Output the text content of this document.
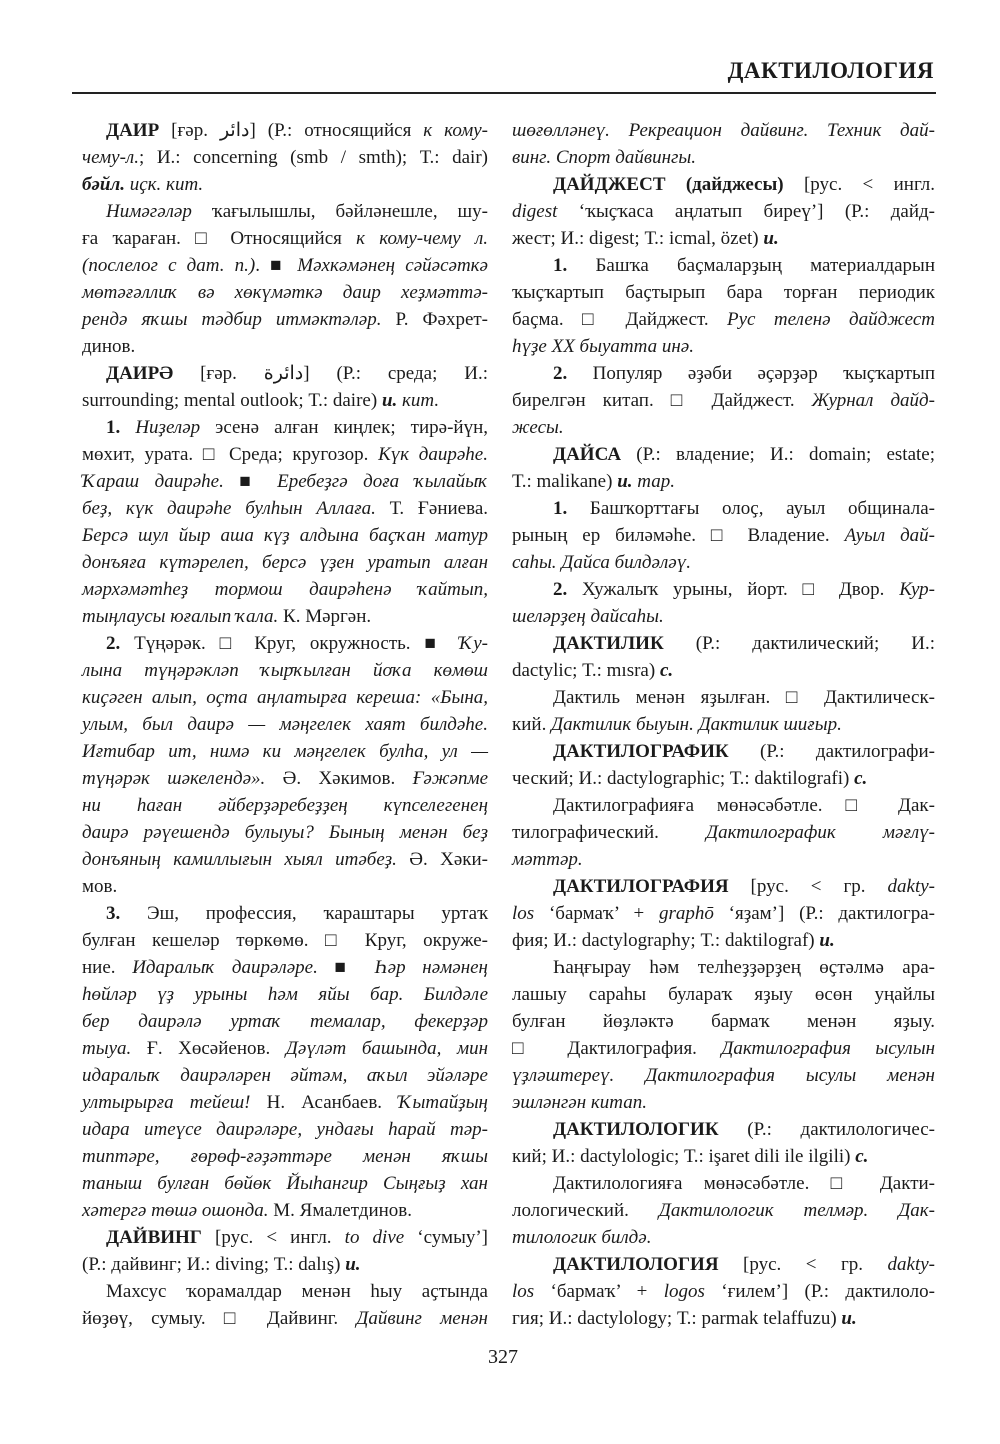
ДАКТИЛОЛОГИЯ
ДАИР [ғәр. دائر] (Р.: относящийся к кому-
чему-л.; И.: concerning (smb / smth); Т.: dair)
бәйл. иҫк. кит.
Нимәгәләр ҡағылышлы, бәйләнешле, шу-
ға ҡараған. □ Относящийся к кому-чему л.
(послелог с дат. п.). ■ Мәхкәмәнең сәйәсәткә
мөтәғәллиҡ вә хөкүмәткә даир хеҙмәттә-
рендә яҡшы тәдбир итмәктәләр. Р. Фәхрет-
динов.
ДАИРӘ [ғәр. دائرة] (Р.: среда; И.:
surrounding; mental outlook; Т.: daire) и. кит.
1. Ниҙеләр эсенә алған киңлек; тирә-йүн,
мөхит, урата. □ Среда; кругозор. Күк даирәһе.
Ҡараш даирәһе. ■ Еребеҙгә доға ҡылайыҡ
беҙ, күк даирәһе булһын Аллаға. Т. Ғәниева.
Берсә шул йыр аша күҙ алдына баҫҡан матур
донъяға күтәрелеп, берсә үҙен уратып алған
мәрхәмәтһеҙ тормош даирәһенә ҡайтып,
тыңлаусы юғалып ҡала. К. Мәргән.
2. Түңәрәк. □ Круг, окружность. ■ Ҡу-
лына түңәрәкләп ҡырҡылған йоҡа көмөш
киҫәген алып, оҫта аңлатырға кереша: «Бына,
улым, был даирә — мәңгелек хаят билдәһе.
Иғтибар ит, нимә ки мәңгелек булһа, ул —
түңәрәк шәкелендә». Ә. Хәкимов. Ғәжәпме
ни һаған әйберҙәребеҙҙең күпселегенең
даирә рәүешендә булыуы? Бының менән беҙ
донъяның камиллығын хыял итәбеҙ. Ә. Хәки-
мов.
3. Эш, профессия, ҡараштары уртаҡ
булған кешеләр төркөмө. □ Круг, окруже-
ние. Идаралыҡ даирәләре. ■ Һәр нәмәнең
һөйләр үҙ урыны һәм яйы бар. Билдәле
бер даирәлә уртаҡ темалар, фекерҙәр
тыуа. Ғ. Хөсәйенов. Дәүләт башында, мин
идаралыҡ даирәләрен әйтәм, аҡыл эйәләре
ултырырға тейеш! Н. Асанбаев. Ҡытайҙың
идара итеүсе даирәләре, ундағы һарай тәр-
типтәре, ғөрөф-ғәҙәттәре менән яҡшы
таныш булған бөйөк Йыһангир Сыңғыҙ хан
хәтергә төшә ошонда. М. Ямалетдинов.
ДАЙВИНГ [рус. < ингл. to dive ‘сумыу’]
(Р.: дайвинг; И.: diving; Т.: dalış) и.
Махсус ҡорамалдар менән һыу аҫтында
йөҙөү, сумыу. □ Дайвинг. Дайвинг менән
шөғөлләнеү. Рекреацион дайвинг. Техник дай-
винг. Спорт дайвингы.
ДАЙДЖЕСТ (дайджесы) [рус. < ингл.
digest ‘ҡыҫҡаса аңлатып биреү’] (Р.: дайд-
жест; И.: digest; Т.: icmal, özet) и.
1. Башҡа баҫмаларҙың материалдарын
ҡыҫҡартып баҫтырып бара торған периодик
баҫма. □ Дайджест. Рус теленә дайджест
һүҙе XX быуатта инә.
2. Популяр әҙәби әҫәрҙәр ҡыҫҡартып
бирелгән китап. □ Дайджест. Журнал дайд-
жесы.
ДАЙСА (Р.: владение; И.: domain; estate;
Т.: malikane) и. тар.
1. Башҡорттағы олоҫ, ауыл общинала-
рының ер биләмәһе. □ Владение. Ауыл дай-
саһы. Дайса билдәләү.
2. Хужалыҡ урыны, йорт. □ Двор. Кур-
шеләрҙең дайсаһы.
ДАКТИЛИК (Р.: дактилический; И.:
dactylic; Т.: mısra) с.
Дактиль менән яҙылған. □ Дактилическ-
кий. Дактилик быуын. Дактилик шиғыр.
ДАКТИЛОГРАФИК (Р.: дактилографи-
ческий; И.: dactylographic; Т.: daktilografi) с.
Дактилографияға мөнәсәбәтле. □ Дак-
тилографический. Дактилографик мәғлү-
мәттәр.
ДАКТИЛОГРАФИЯ [рус. < гр. dakty-
los ‘бармаҡ’ + graphō ‘яҙам’] (Р.: дактилогра-
фия; И.: dactylography; Т.: daktilograf) и.
Һаңғырау һәм телһеҙҙәрҙең өҫтәлмә ара-
лашыу сараһы булараҡ яҙыу өсөн уңайлы
булған йөҙләктә бармаҡ менән яҙыу.
□ Дактилография. Дактилография ысулын
үҙләштереү. Дактилография ысулы менән
эшләнгән китап.
ДАКТИЛОЛОГИК (Р.: дактилологичес-
кий; И.: dactylologic; Т.: işaret dili ile ilgili) с.
Дактилологияға мөнәсәбәтле. □ Дакти-
лологический. Дактилологик телмәр. Дак-
тилологик билдә.
ДАКТИЛОЛОГИЯ [рус. < гр. dakty-
los ‘бармаҡ’ + logos ‘ғилем’] (Р.: дактилоло-
гия; И.: dactylology; Т.: parmak telaffuzu) и.
327
